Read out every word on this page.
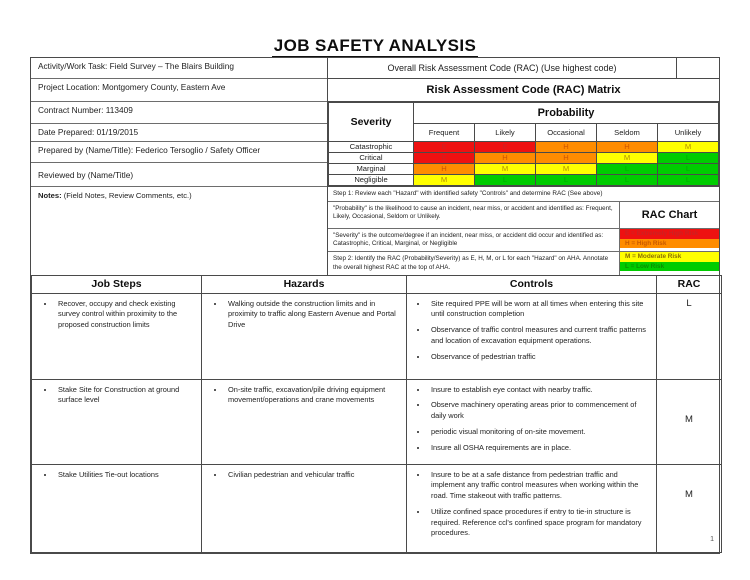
JOB SAFETY ANALYSIS
Activity/Work Task: Field Survey – The Blairs Building
Project Location: Montgomery County, Eastern Ave
Contract Number: 113409
Date Prepared: 01/19/2015
Prepared by (Name/Title): Federico Tersoglio / Safety Officer
Reviewed by (Name/Title)
Notes: (Field Notes, Review Comments, etc.)
Overall Risk Assessment Code (RAC) (Use highest code)
Risk Assessment Code (RAC) Matrix
Severity	Probability				
	Frequent	Likely	Occasional	Seldom	Unlikely
Catastrophic	E	E	H	H	M
Critical	E	H	H	M	L
Marginal	H	M	M	L	L
Negligible	M	L	L	L	L
Step 1: Review each "Hazard" with identified safety "Controls" and determine RAC (See above)
"Probability" is the likelihood to cause an incident, near miss, or accident and identified as: Frequent, Likely, Occasional, Seldom or Unlikely.	RAC Chart
"Severity" is the outcome/degree if an incident, near miss, or accident did occur and identified as: Catastrophic, Critical, Marginal, or Negligible
E = Extremely High Risk
H = High Risk
Step 2: Identify the RAC (Probability/Severity) as E, H, M, or L for each "Hazard" on AHA. Annotate the overall highest RAC at the top of AHA.
M = Moderate Risk
L = Low Risk
Job Steps	Hazards	Controls	RAC

• Recover, occupy and check existing survey control within proximity to the proposed construction limits

• Walking outside the construction limits and in proximity to traffic along Eastern Avenue and Portal Drive

• Site required PPE will be worn at all times when entering this site until construction completion
• Observance of traffic control measures and current traffic patterns and location of excavation equipment operations.
• Observance of pedestrian traffic
	L

• Stake Site for Construction at ground surface level

• On-site traffic, excavation/pile driving equipment movement/operations and crane movements

• Insure to establish eye contact with nearby traffic.
• Observe machinery operating areas prior to commencement of daily work
• periodic visual monitoring of on-site movement.
• Insure all OSHA requirements are in place.
	M

• Stake Utilities Tie-out locations

•Civilian pedestrian and vehicular traffic

•Insure to be at a safe distance from pedestrian traffic and implement any traffic control measures when working within the road. Time stakeout with traffic patterns.
• Utilize confined space procedures if entry to tie-in structure is required. Reference ccl's confined space program for mandatory procedures.
	M
1
